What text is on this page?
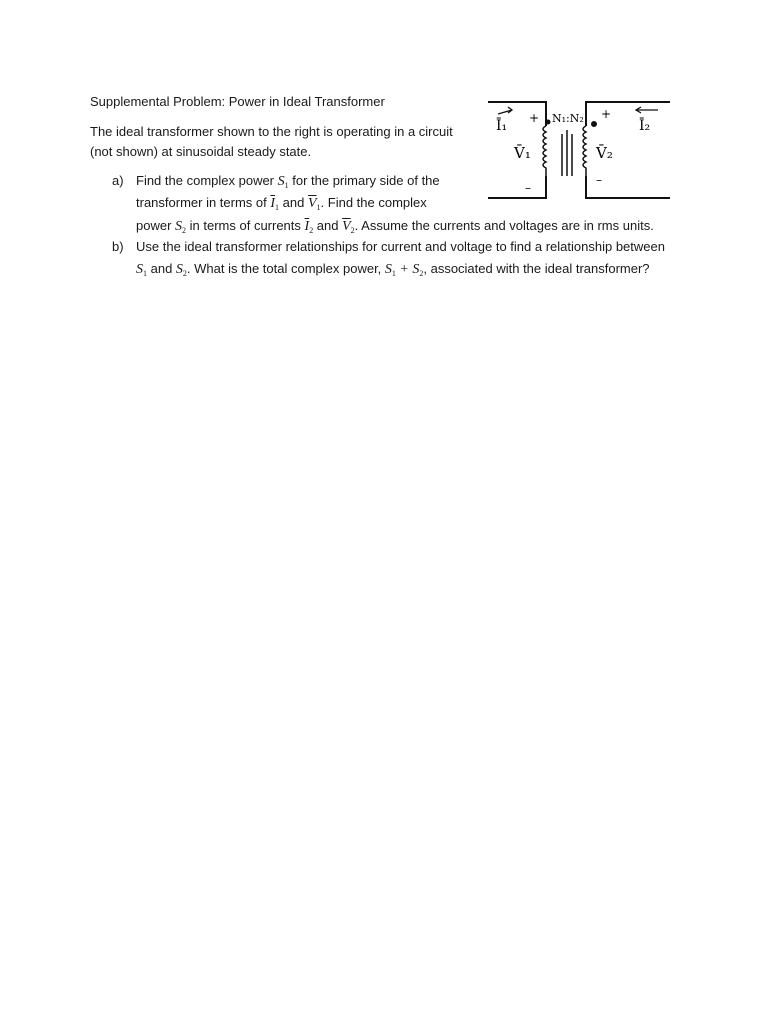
Supplemental Problem: Power in Ideal Transformer
The ideal transformer shown to the right is operating in a circuit
(not shown) at sinusoidal steady state.
a) Find the complex power $S_1$ for the primary side of the
transformer in terms of $\overline{I}_1$ and $\overline{V}_1$. Find the complex
power $S_2$ in terms of currents $\overline{I}_2$ and $\overline{V}_2$. Assume the currents and voltages are in rms units.
b) Use the ideal transformer relationships for current and voltage to find a relationship between
$S_1$ and $S_2$. What is the total complex power, $S_1 + S_2$, associated with the ideal transformer?
+
–
+
–
N₁:N₂
Ī₁	Ī₂
V̄₁	V̄₂
